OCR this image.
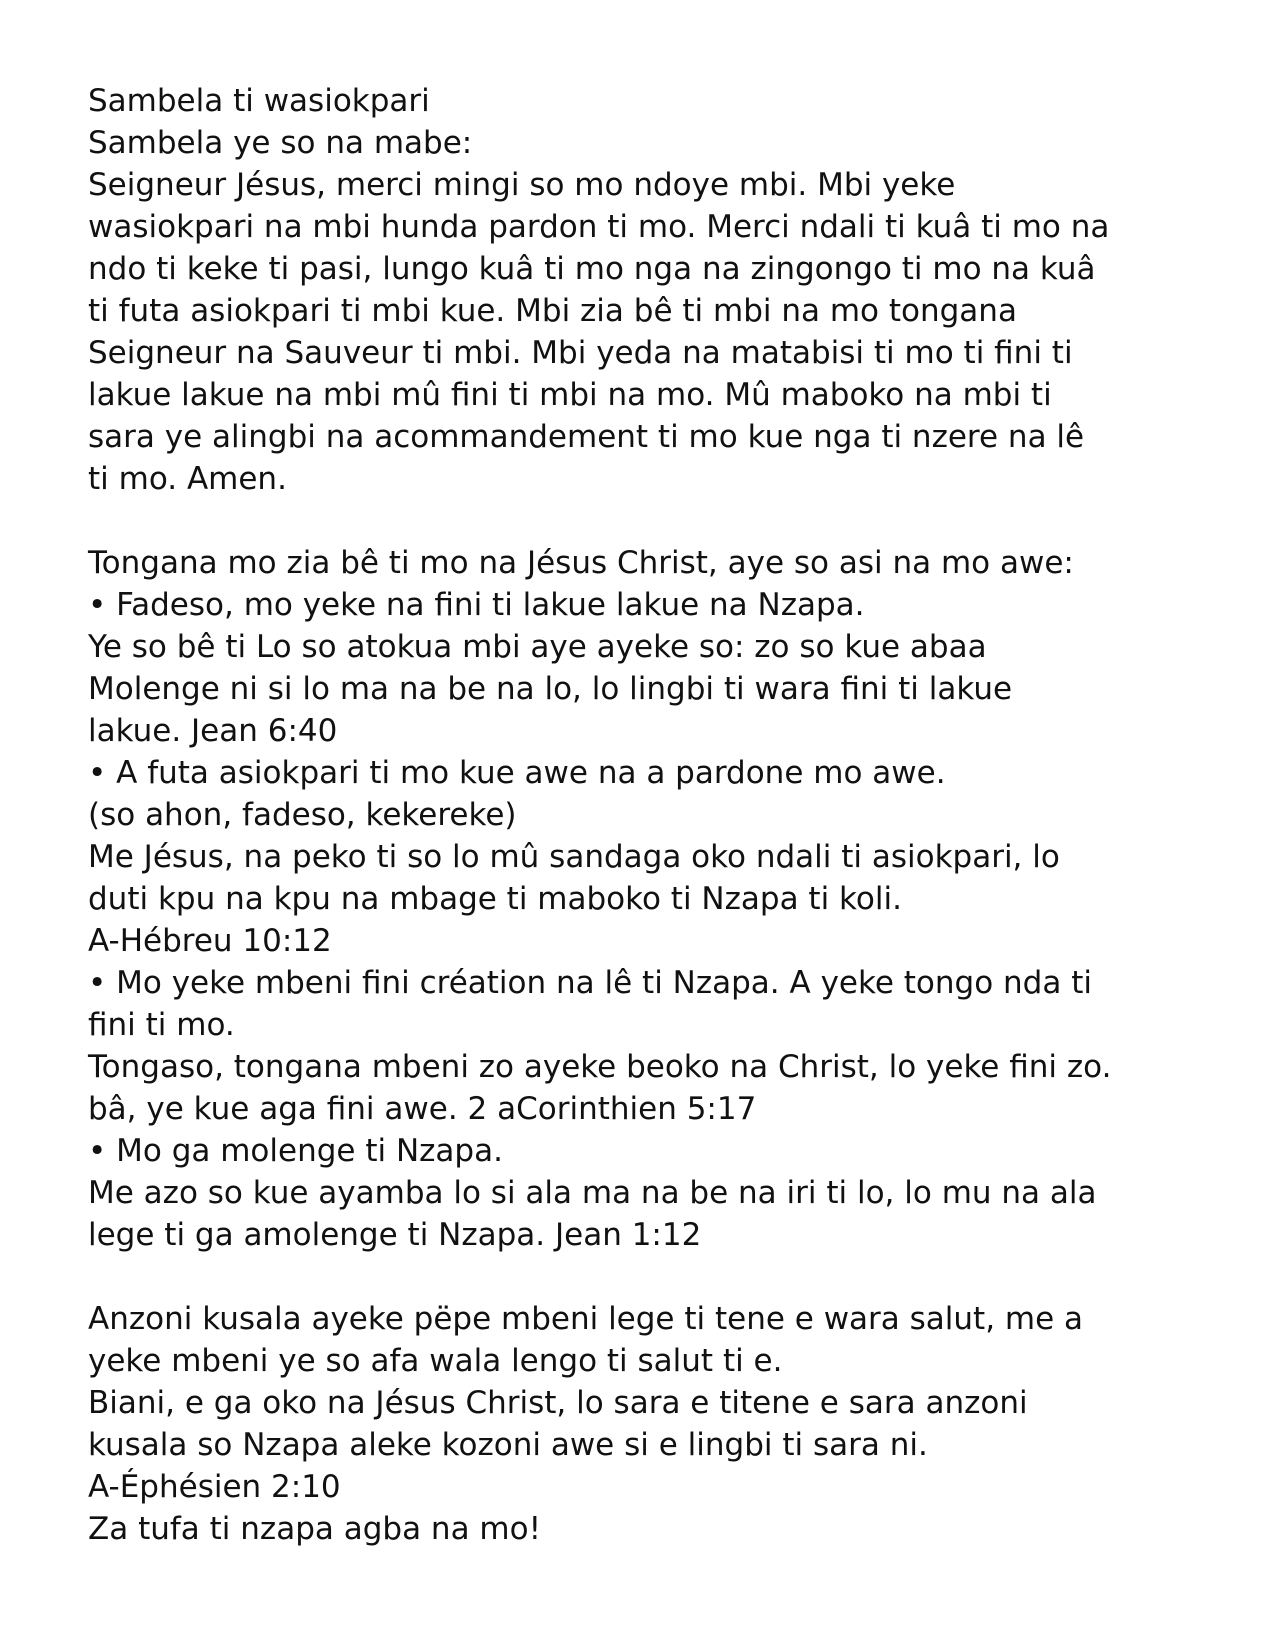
Sambela ti wasiokpari
Sambela ye so na mabe:
Seigneur Jésus, merci mingi so mo ndoye mbi. Mbi yeke
wasiokpari na mbi hunda pardon ti mo. Merci ndali ti kuâ ti mo na
ndo ti keke ti pasi, lungo kuâ ti mo nga na zingongo ti mo na kuâ
ti futa asiokpari ti mbi kue. Mbi zia bê ti mbi na mo tongana
Seigneur na Sauveur ti mbi. Mbi yeda na matabisi ti mo ti fini ti
lakue lakue na mbi mû fini ti mbi na mo. Mû maboko na mbi ti
sara ye alingbi na acommandement ti mo kue nga ti nzere na lê
ti mo. Amen.
Tongana mo zia bê ti mo na Jésus Christ, aye so asi na mo awe:
• Fadeso, mo yeke na fini ti lakue lakue na Nzapa.
Ye so bê ti Lo so atokua mbi aye ayeke so: zo so kue abaa
Molenge ni si lo ma na be na lo, lo lingbi ti wara fini ti lakue
lakue. Jean 6:40
• A futa asiokpari ti mo kue awe na a pardone mo awe.
(so ahon, fadeso, kekereke)
Me Jésus, na peko ti so lo mû sandaga oko ndali ti asiokpari, lo
duti kpu na kpu na mbage ti maboko ti Nzapa ti koli.
A-Hébreu 10:12
• Mo yeke mbeni fini création na lê ti Nzapa. A yeke tongo nda ti
fini ti mo.
Tongaso, tongana mbeni zo ayeke beoko na Christ, lo yeke fini zo.
bâ, ye kue aga fini awe. 2 aCorinthien 5:17
• Mo ga molenge ti Nzapa.
Me azo so kue ayamba lo si ala ma na be na iri ti lo, lo mu na ala
lege ti ga amolenge ti Nzapa. Jean 1:12
Anzoni kusala ayeke pëpe mbeni lege ti tene e wara salut, me a
yeke mbeni ye so afa wala lengo ti salut ti e.
Biani, e ga oko na Jésus Christ, lo sara e titene e sara anzoni
kusala so Nzapa aleke kozoni awe si e lingbi ti sara ni.
A-Éphésien 2:10
Za tufa ti nzapa agba na mo!
